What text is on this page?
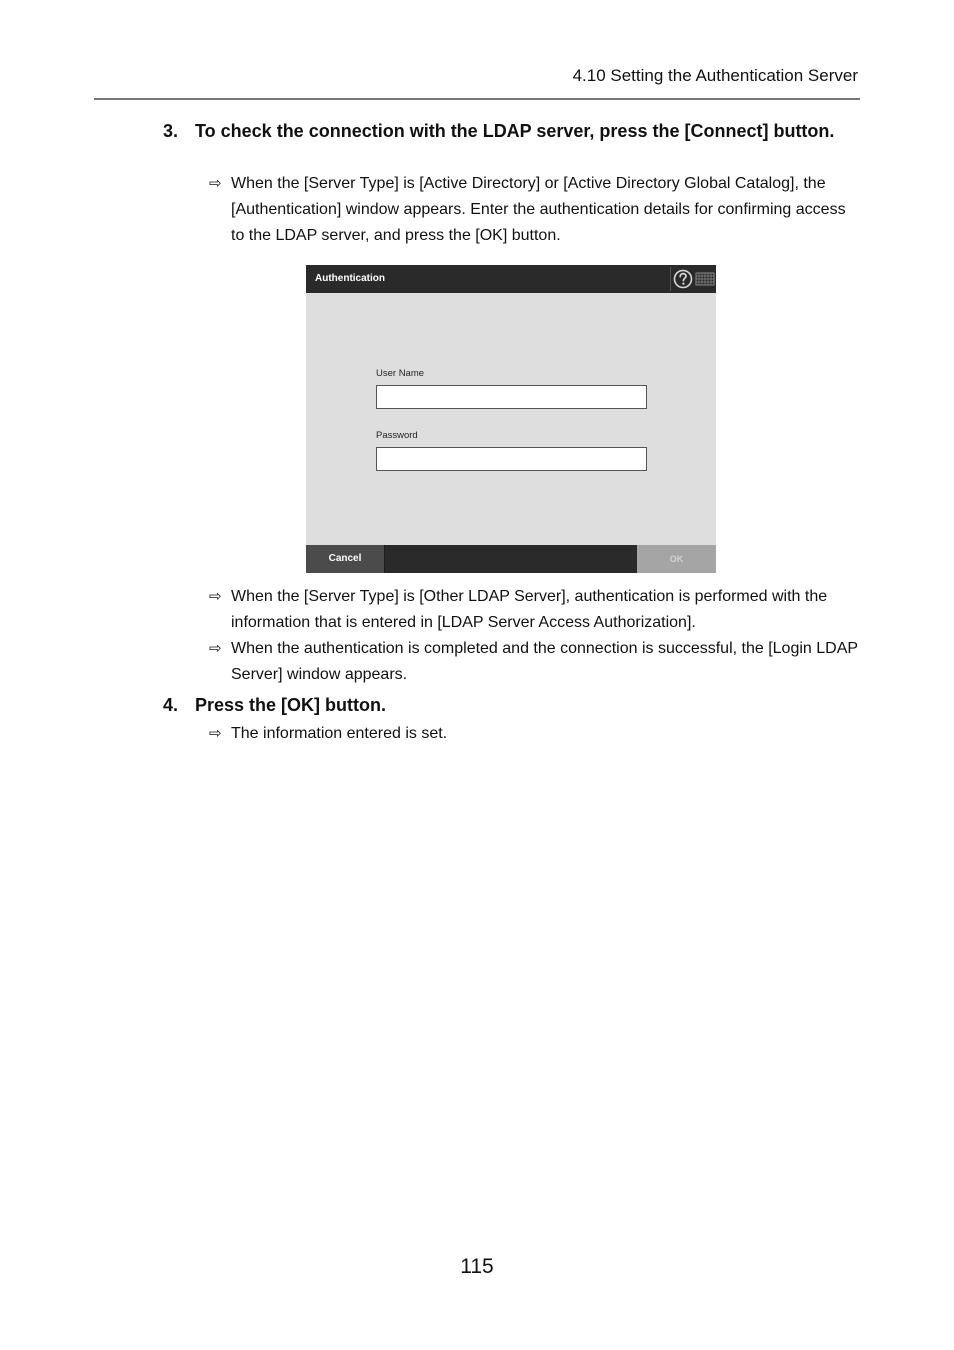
4.10 Setting the Authentication Server
3. To check the connection with the LDAP server, press the [Connect] button.
⇨ When the [Server Type] is [Active Directory] or [Active Directory Global Catalog], the [Authentication] window appears. Enter the authentication details for confirming access to the LDAP server, and press the [OK] button.
Authentication
User Name
Password
Cancel	OK
⇨ When the [Server Type] is [Other LDAP Server], authentication is performed with the information that is entered in [LDAP Server Access Authorization].
⇨ When the authentication is completed and the connection is successful, the [Login LDAP Server] window appears.
4. Press the [OK] button.
⇨ The information entered is set.
115
